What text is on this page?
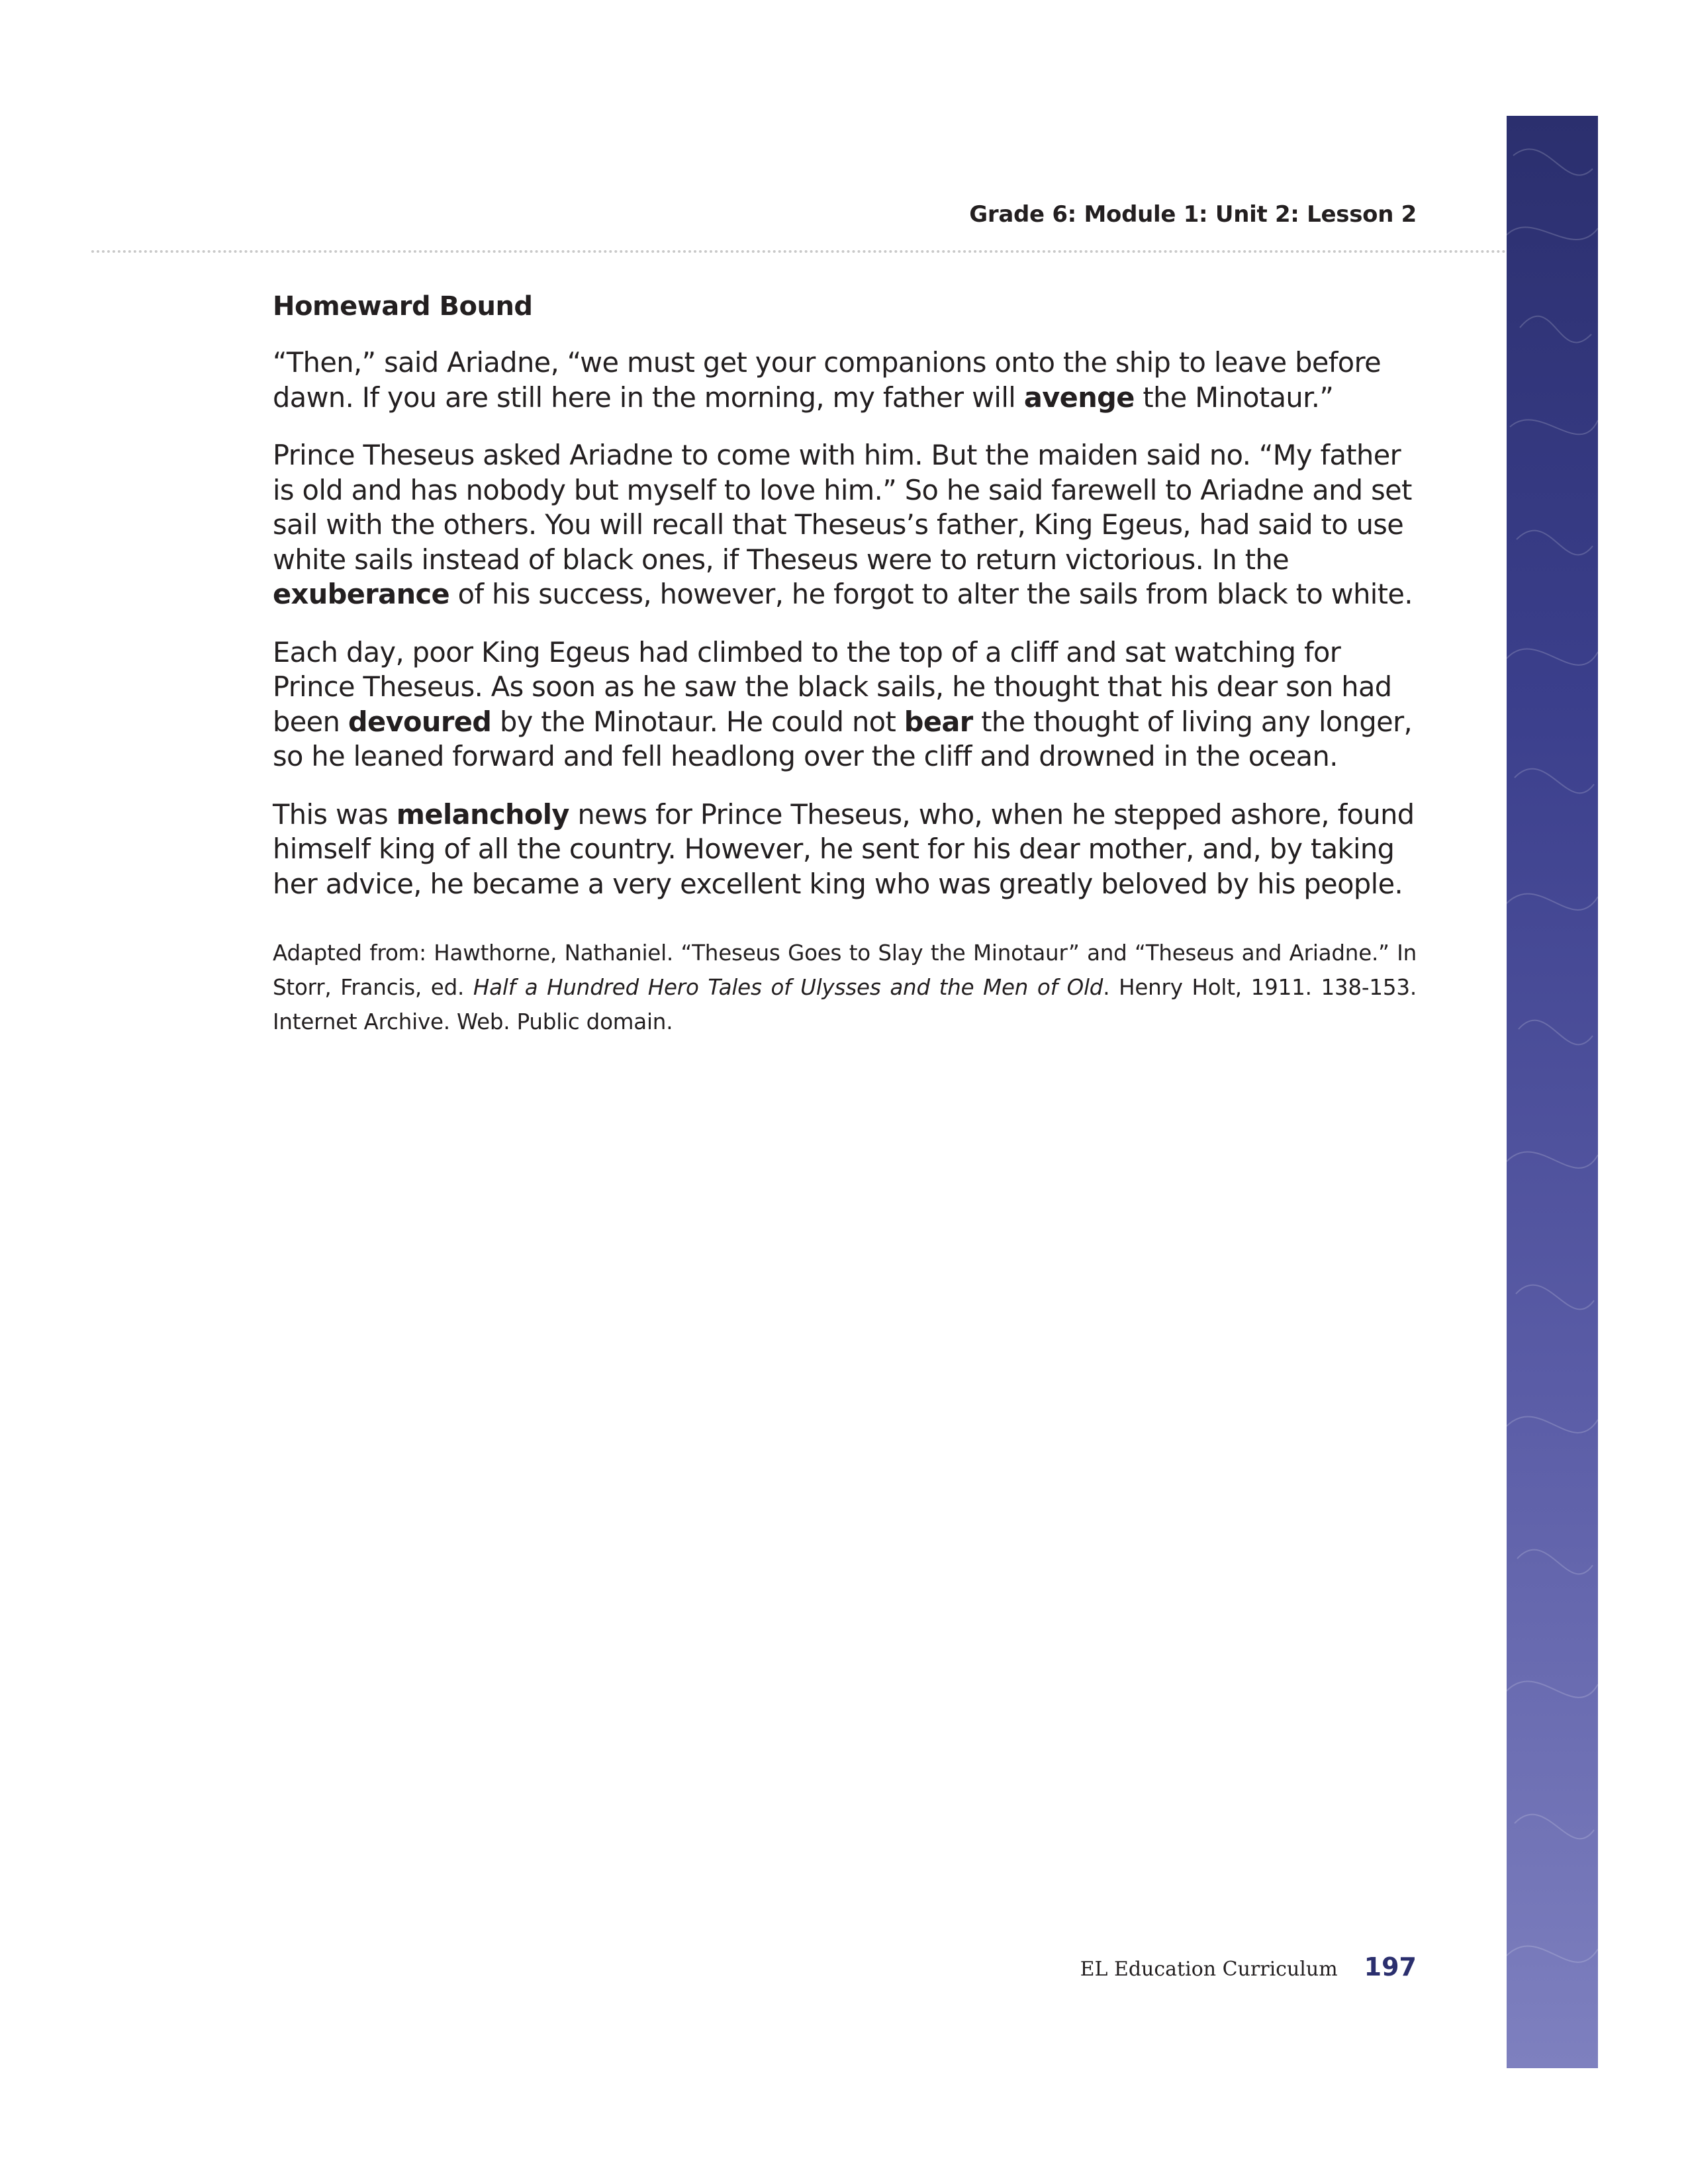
Grade 6: Module 1: Unit 2: Lesson 2
Homeward Bound

“Then,” said Ariadne, “we must get your companions onto the ship to leave before dawn. If you are still here in the morning, my father will avenge the Minotaur.”

Prince Theseus asked Ariadne to come with him. But the maiden said no. “My father is old and has nobody but myself to love him.” So he said farewell to Ariadne and set sail with the others. You will recall that Theseus’s father, King Egeus, had said to use white sails instead of black ones, if Theseus were to return victorious. In the exuberance of his success, however, he forgot to alter the sails from black to white.

Each day, poor King Egeus had climbed to the top of a cliff and sat watching for Prince Theseus. As soon as he saw the black sails, he thought that his dear son had been devoured by the Minotaur. He could not bear the thought of living any longer, so he leaned forward and fell headlong over the cliff and drowned in the ocean.

This was melancholy news for Prince Theseus, who, when he stepped ashore, found himself king of all the country. However, he sent for his dear mother, and, by taking her advice, he became a very excellent king who was greatly beloved by his people.

Adapted from: Hawthorne, Nathaniel. “Theseus Goes to Slay the Minotaur” and “Theseus and Ariadne.” In Storr, Francis, ed. Half a Hundred Hero Tales of Ulysses and the Men of Old. Henry Holt, 1911. 138-153. Internet Archive. Web. Public domain.
EL Education Curriculum 197
